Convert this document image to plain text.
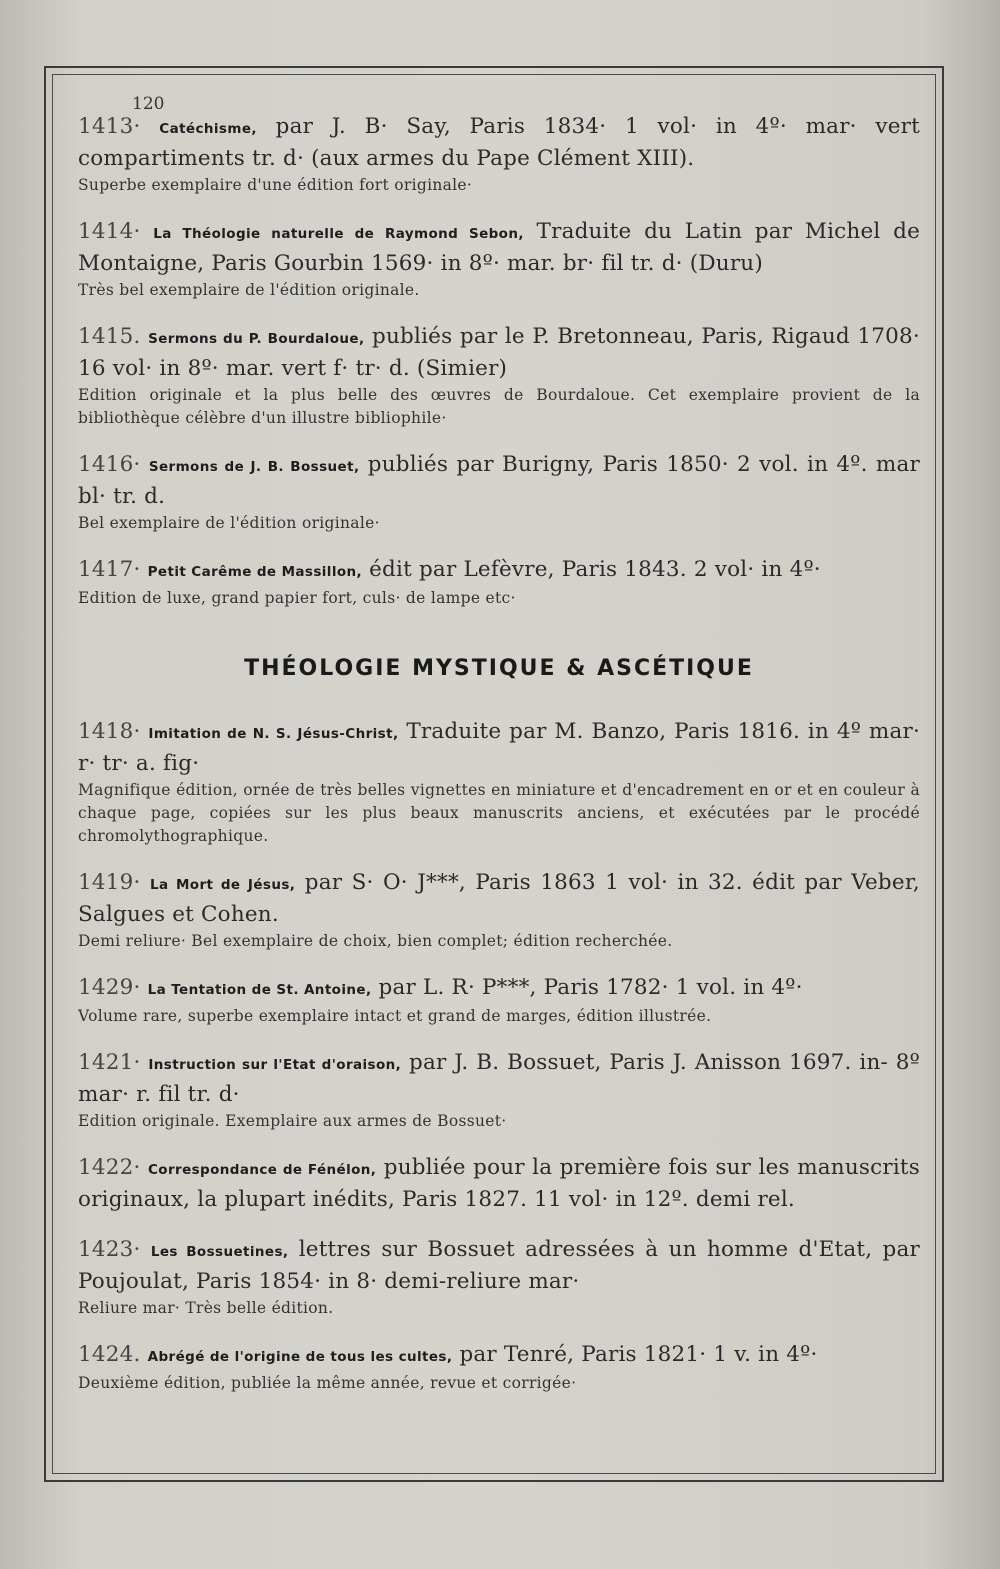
120
1413· Catéchisme, par J. B· Say, Paris 1834· 1 vol· in 4º· mar· vert compartiments tr. d· (aux armes du Pape Clément XIII).
Superbe exemplaire d'une édition fort originale·
1414· La Théologie naturelle de Raymond Sebon, Traduite du Latin par Michel de Montaigne, Paris Gourbin 1569· in 8º· mar. br· fil tr. d· (Duru)
Très bel exemplaire de l'édition originale.
1415. Sermons du P. Bourdaloue, publiés par le P. Bretonneau, Paris, Rigaud 1708· 16 vol· in 8º· mar. vert f· tr· d. (Simier)
Edition originale et la plus belle des œuvres de Bourdaloue. Cet exemplaire provient de la bibliothèque célèbre d'un illustre bibliophile·
1416· Sermons de J. B. Bossuet, publiés par Burigny, Paris 1850· 2 vol. in 4º. mar bl· tr. d.
Bel exemplaire de l'édition originale·
1417· Petit Carême de Massillon, édit par Lefèvre, Paris 1843. 2 vol· in 4º·
Edition de luxe, grand papier fort, culs· de lampe etc·
THÉOLOGIE MYSTIQUE & ASCÉTIQUE
1418· Imitation de N. S. Jésus-Christ, Traduite par M. Banzo, Paris 1816. in 4º mar· r· tr· a. fig·
Magnifique édition, ornée de très belles vignettes en miniature et d'encadrement en or et en couleur à chaque page, copiées sur les plus beaux manuscrits anciens, et exécutées par le procédé chromolythographique.
1419· La Mort de Jésus, par S· O· J***, Paris 1863 1 vol· in 32. édit par Veber, Salgues et Cohen.
Demi reliure· Bel exemplaire de choix, bien complet; édition recherchée.
1429· La Tentation de St. Antoine, par L. R· P***, Paris 1782· 1 vol. in 4º·
Volume rare, superbe exemplaire intact et grand de marges, édition illustrée.
1421· Instruction sur l'Etat d'oraison, par J. B. Bossuet, Paris J. Anisson 1697. in- 8º mar· r. fil tr. d·
Edition originale. Exemplaire aux armes de Bossuet·
1422· Correspondance de Fénélon, publiée pour la première fois sur les manuscrits originaux, la plupart inédits, Paris 1827. 11 vol· in 12º. demi rel.
1423· Les Bossuetines, lettres sur Bossuet adressées à un homme d'Etat, par Poujoulat, Paris 1854· in 8· demi-reliure mar·
Reliure mar· Très belle édition.
1424. Abrégé de l'origine de tous les cultes, par Tenré, Paris 1821· 1 v. in 4º·
Deuxième édition, publiée la même année, revue et corrigée·
